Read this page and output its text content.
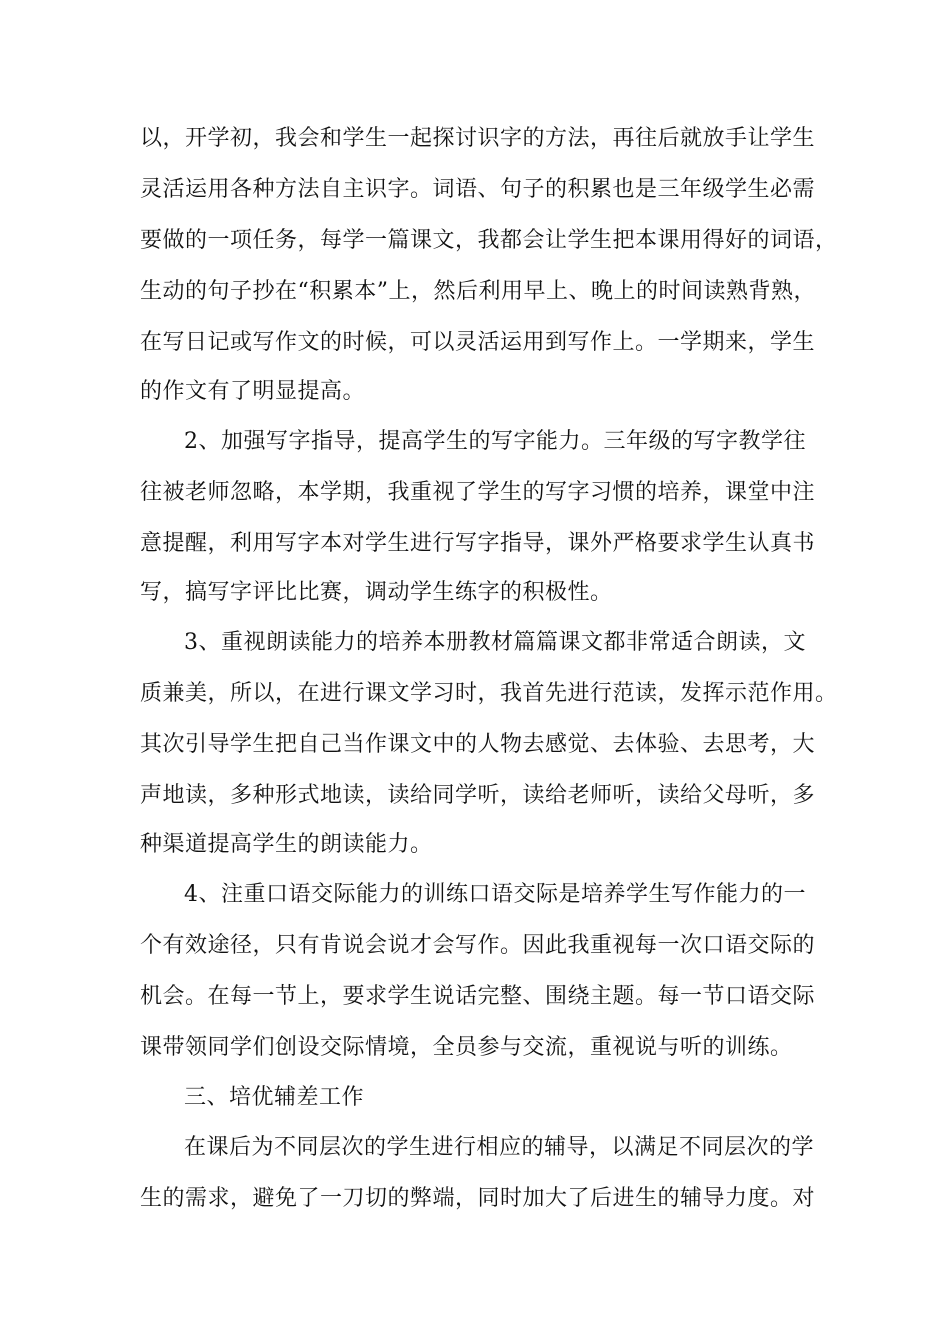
以，开学初，我会和学生一起探讨识字的方法，再往后就放手让学生
灵活运用各种方法自主识字。词语、句子的积累也是三年级学生必需
要做的一项任务，每学一篇课文，我都会让学生把本课用得好的词语，
生动的句子抄在“积累本”上，然后利用早上、晚上的时间读熟背熟，
在写日记或写作文的时候，可以灵活运用到写作上。一学期来，学生
的作文有了明显提高。
2、加强写字指导，提高学生的写字能力。三年级的写字教学往
往被老师忽略，本学期，我重视了学生的写字习惯的培养，课堂中注
意提醒，利用写字本对学生进行写字指导，课外严格要求学生认真书
写，搞写字评比比赛，调动学生练字的积极性。
3、重视朗读能力的培养本册教材篇篇课文都非常适合朗读，文
质兼美，所以，在进行课文学习时，我首先进行范读，发挥示范作用。
其次引导学生把自己当作课文中的人物去感觉、去体验、去思考，大
声地读，多种形式地读，读给同学听，读给老师听，读给父母听，多
种渠道提高学生的朗读能力。
4、注重口语交际能力的训练口语交际是培养学生写作能力的一
个有效途径，只有肯说会说才会写作。因此我重视每一次口语交际的
机会。在每一节上，要求学生说话完整、围绕主题。每一节口语交际
课带领同学们创设交际情境，全员参与交流，重视说与听的训练。
三、培优辅差工作
在课后为不同层次的学生进行相应的辅导，以满足不同层次的学
生的需求，避免了一刀切的弊端，同时加大了后进生的辅导力度。对
